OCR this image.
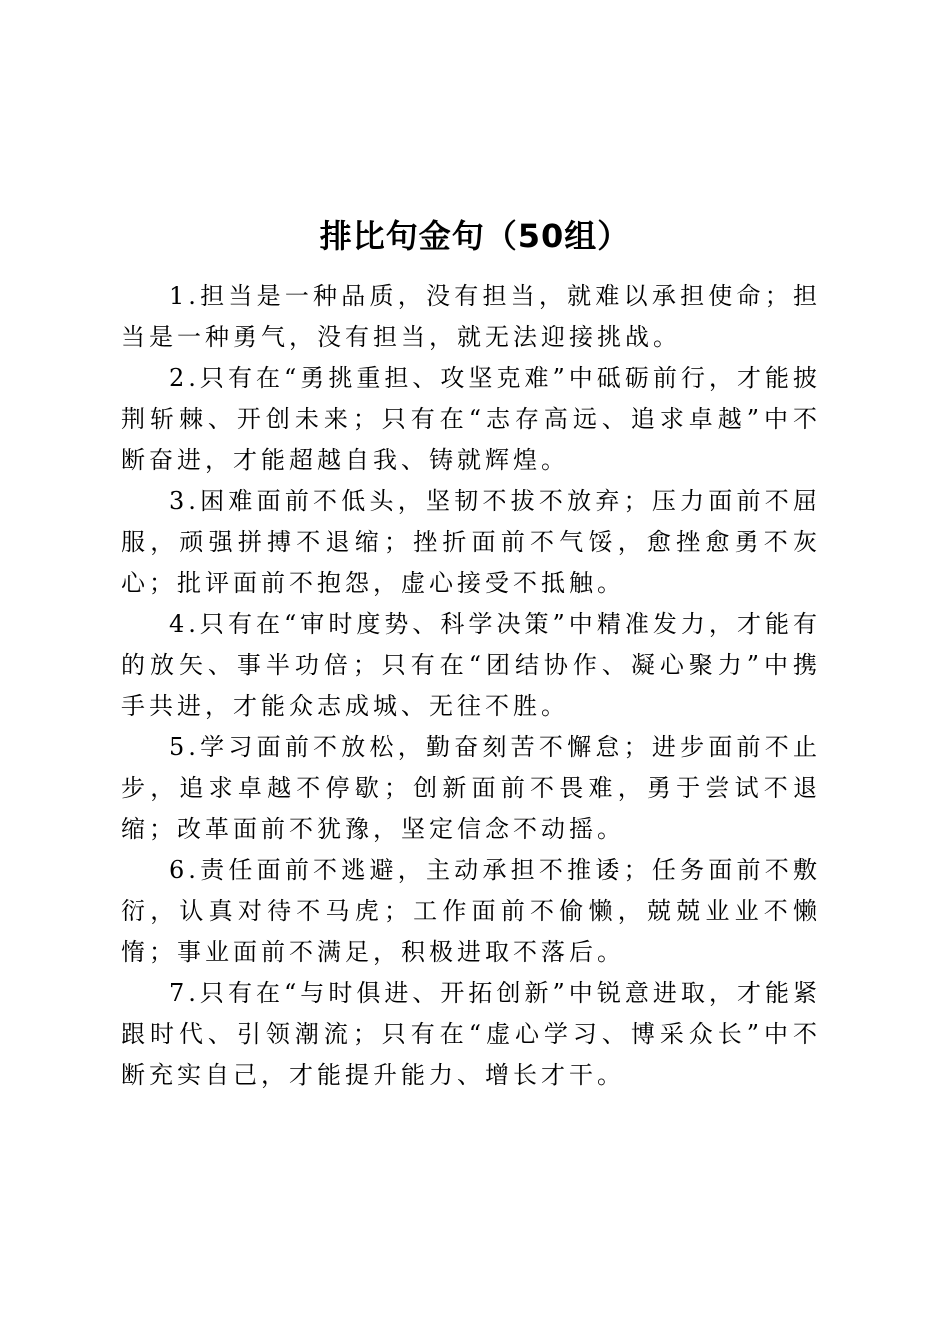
排比句金句（50组）

1.担当是一种品质，没有担当，就难以承担使命；担当是一种勇气，没有担当，就无法迎接挑战。

2.只有在“勇挑重担、攻坚克难”中砥砺前行，才能披荆斩棘、开创未来；只有在“志存高远、追求卓越”中不断奋进，才能超越自我、铸就辉煌。

3.困难面前不低头，坚韧不拔不放弃；压力面前不屈服，顽强拼搏不退缩；挫折面前不气馁，愈挫愈勇不灰心；批评面前不抱怨，虚心接受不抵触。

4.只有在“审时度势、科学决策”中精准发力，才能有的放矢、事半功倍；只有在“团结协作、凝心聚力”中携手共进，才能众志成城、无往不胜。

5.学习面前不放松，勤奋刻苦不懈怠；进步面前不止步，追求卓越不停歇；创新面前不畏难，勇于尝试不退缩；改革面前不犹豫，坚定信念不动摇。

6.责任面前不逃避，主动承担不推诿；任务面前不敷衍，认真对待不马虎；工作面前不偷懒，兢兢业业不懒惰；事业面前不满足，积极进取不落后。

7.只有在“与时俱进、开拓创新”中锐意进取，才能紧跟时代、引领潮流；只有在“虚心学习、博采众长”中不断充实自己，才能提升能力、增长才干。
